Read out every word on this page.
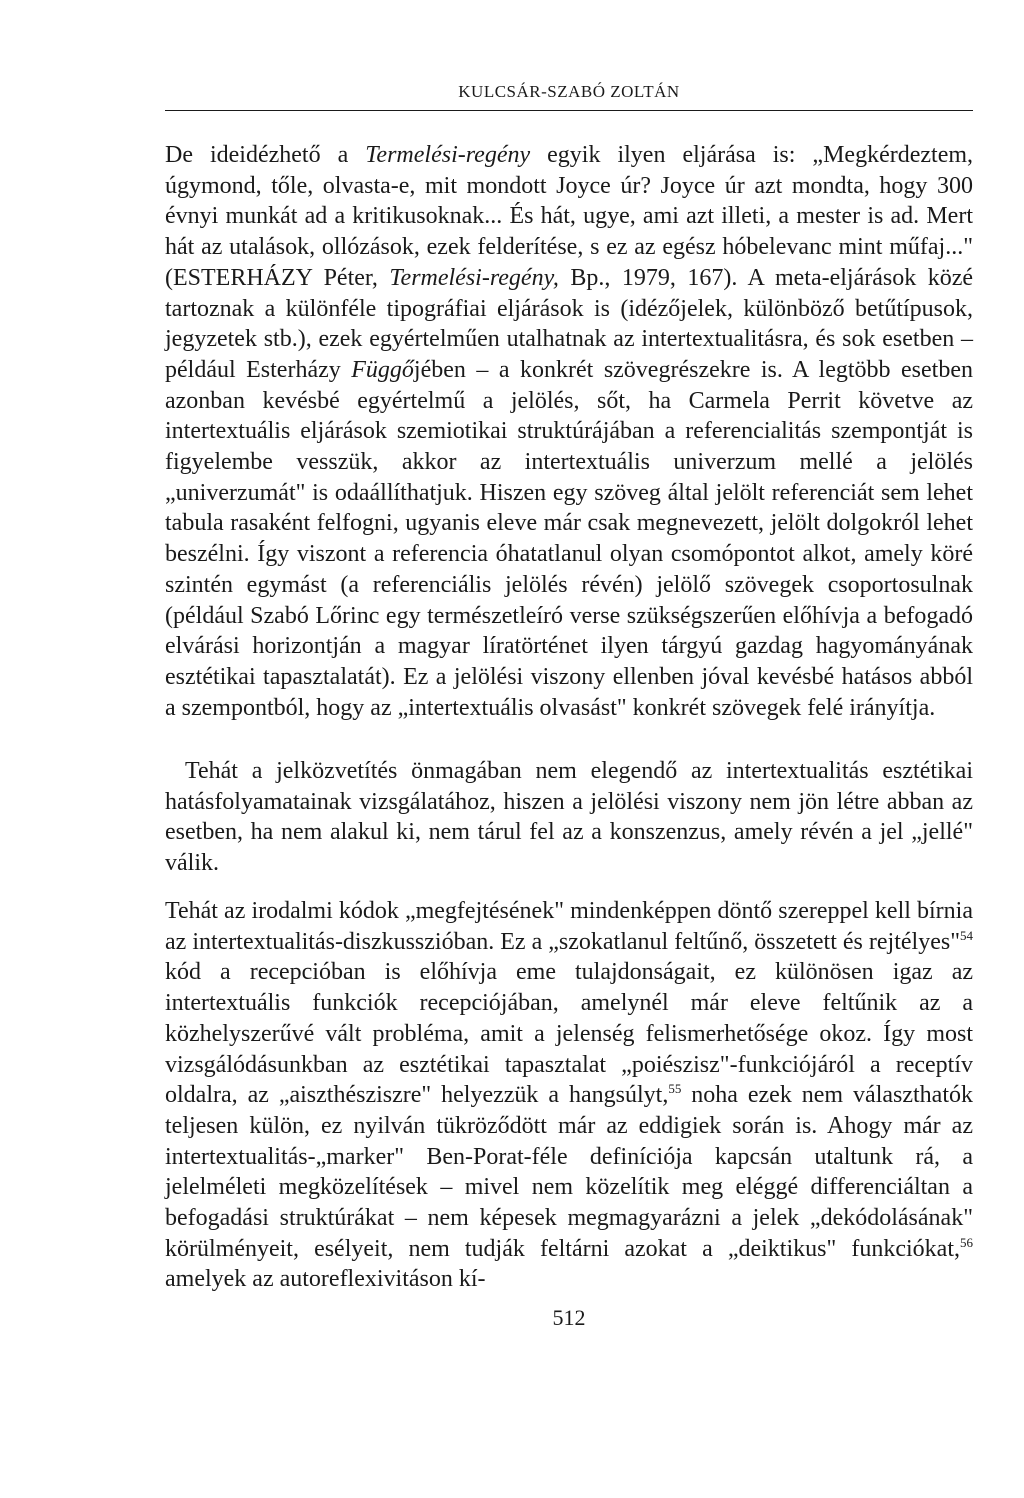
KULCSÁR-SZABÓ ZOLTÁN

De ideidézhető a Termelési-regény egyik ilyen eljárása is: „Megkérdeztem, úgymond, tőle, olvasta-e, mit mondott Joyce úr? Joyce úr azt mondta, hogy 300 évnyi munkát ad a kritikusoknak... És hát, ugye, ami azt illeti, a mester is ad. Mert hát az utalások, ollózások, ezek felderítése, s ez az egész hóbelevanc mint műfaj..." (ESTERHÁZY Péter, Termelési-regény, Bp., 1979, 167). A meta-eljárások közé tartoznak a különféle tipográfiai eljárások is (idézőjelek, különböző betűtípusok, jegyzetek stb.), ezek egyértelműen utalhatnak az intertextualitásra, és sok esetben – például Esterházy Függőjében – a konkrét szövegrészekre is. A legtöbb esetben azonban kevésbé egyértelmű a jelölés, sőt, ha Carmela Perrit követve az intertextuális eljárások szemiotikai struktúrájában a referencialitás szempontját is figyelembe vesszük, akkor az intertextuális univerzum mellé a jelölés „univerzumát" is odaállíthatjuk. Hiszen egy szöveg által jelölt referenciát sem lehet tabula rasaként felfogni, ugyanis eleve már csak megnevezett, jelölt dolgokról lehet beszélni. Így viszont a referencia óhatatlanul olyan csomópontot alkot, amely köré szintén egymást (a referenciális jelölés révén) jelölő szövegek csoportosulnak (például Szabó Lőrinc egy természetleíró verse szükségszerűen előhívja a befogadó elvárási horizontján a magyar líratörténet ilyen tárgyú gazdag hagyományának esztétikai tapasztalatát). Ez a jelölési viszony ellenben jóval kevésbé hatásos abból a szempontból, hogy az „intertextuális olvasást" konkrét szövegek felé irányítja.

Tehát a jelközvetítés önmagában nem elegendő az intertextualitás esztétikai hatásfolyamatainak vizsgálatához, hiszen a jelölési viszony nem jön létre abban az esetben, ha nem alakul ki, nem tárul fel az a konszenzus, amely révén a jel „jellé" válik.

Tehát az irodalmi kódok „megfejtésének" mindenképpen döntő szereppel kell bírnia az intertextualitás-diszkusszióban. Ez a „szokatlanul feltűnő, összetett és rejtélyes"$^{54}$ kód a recepcióban is előhívja eme tulajdonságait, ez különösen igaz az intertextuális funkciók recepciójában, amelynél már eleve feltűnik az a közhelyszerűvé vált probléma, amit a jelenség felismerhetősége okoz. Így most vizsgálódásunkban az esztétikai tapasztalat „poiészisz"-funkciójáról a receptív oldalra, az „aiszthésziszre" helyezzük a hangsúlyt,$^{55}$ noha ezek nem választhatók teljesen külön, ez nyilván tükröződött már az eddigiek során is. Ahogy már az intertextualitás-„marker" Ben-Porat-féle definíciója kapcsán utaltunk rá, a jelelméleti megközelítések – mivel nem közelítik meg eléggé differenciáltan a befogadási struktúrákat – nem képesek megmagyarázni a jelek „dekódolásának" körülményeit, esélyeit, nem tudják feltárni azokat a „deiktikus" funkciókat,$^{56}$ amelyek az autoreflexivitáson kí-

512
